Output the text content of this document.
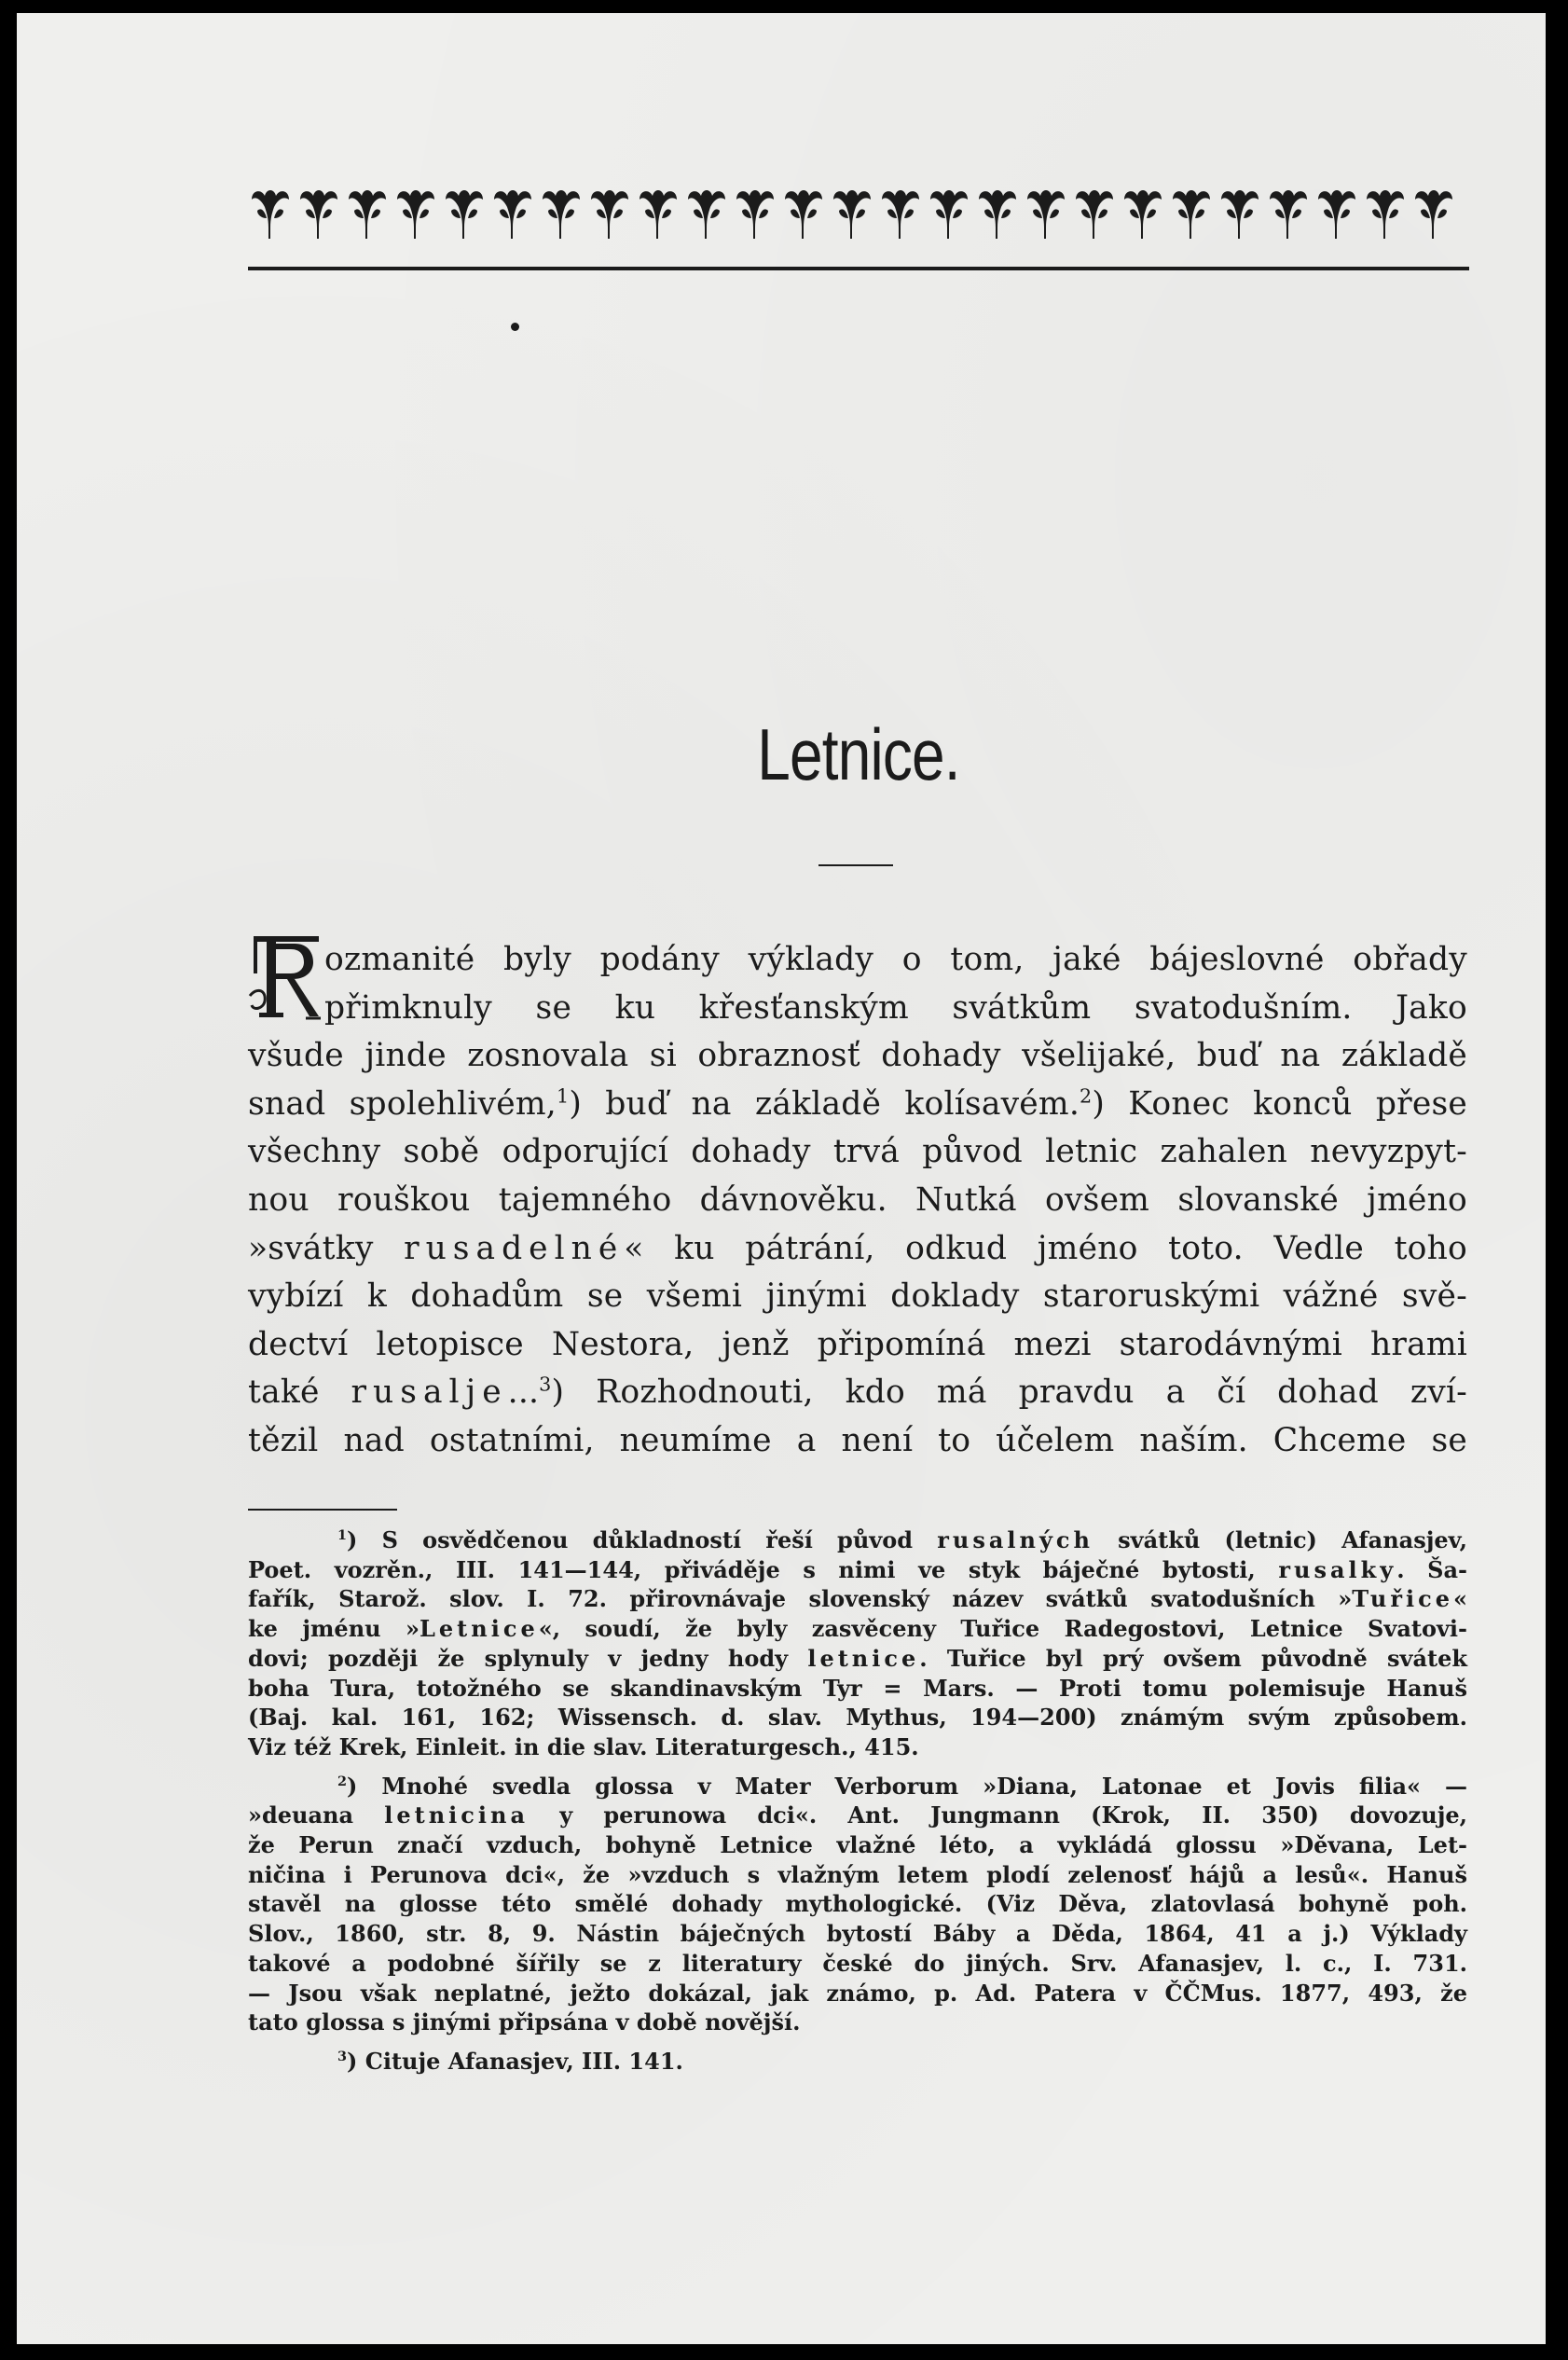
Letnice.
ozmanité byly podány výklady o tom, jaké bájeslovné obřady
přimknuly se ku křesťanským svátkům svatodušním. Jako
všude jinde zosnovala si obraznosť dohady všelijaké, buď na základě
snad spolehlivém,$^1$) buď na základě kolísavém.$^2$) Konec konců přese
všechny sobě odporující dohady trvá původ letnic zahalen nevyzpyt-
nou rouškou tajemného dávnověku. Nutká ovšem slovanské jméno
»svátky rusadelné« ku pátrání, odkud jméno toto. Vedle toho
vybízí k dohadům se všemi jinými doklady staroruskými vážné svě-
dectví letopisce Nestora, jenž připomíná mezi starodávnými hrami
také rusalje...$^3$) Rozhodnouti, kdo má pravdu a čí dohad zví-
tězil nad ostatními, neumíme a není to účelem naším. Chceme se
$^1$) S osvědčenou důkladností řeší původ rusalných svátků (letnic) Afanasjev,
Poet. vozrěn., III. 141—144, přiváděje s nimi ve styk báječné bytosti, rusalky. Ša-
fařík, Starož. slov. I. 72. přirovnávaje slovenský název svátků svatodušních »Tuřice«
ke jménu »Letnice«, soudí, že byly zasvěceny Tuřice Radegostovi, Letnice Svatovi-
dovi; později že splynuly v jedny hody letnice. Tuřice byl prý ovšem původně svátek
boha Tura, totožného se skandinavským Tyr = Mars. — Proti tomu polemisuje Hanuš
(Baj. kal. 161, 162; Wissensch. d. slav. Mythus, 194—200) známým svým způsobem.
Viz též Krek, Einleit. in die slav. Literaturgesch., 415.
$^2$) Mnohé svedla glossa v Mater Verborum »Diana, Latonae et Jovis filia« —
»deuana letnicina y perunowa dci«. Ant. Jungmann (Krok, II. 350) dovozuje,
že Perun značí vzduch, bohyně Letnice vlažné léto, a vykládá glossu »Děvana, Let-
ničina i Perunova dci«, že »vzduch s vlažným letem plodí zelenosť hájů a lesů«. Hanuš
stavěl na glosse této smělé dohady mythologické. (Viz Děva, zlatovlasá bohyně poh.
Slov., 1860, str. 8, 9. Nástin báječných bytostí Báby a Děda, 1864, 41 a j.) Výklady
takové a podobné šířily se z literatury české do jiných. Srv. Afanasjev, l. c., I. 731.
— Jsou však neplatné, ježto dokázal, jak známo, p. Ad. Patera v ČČMus. 1877, 493, že
tato glossa s jinými připsána v době novější.
$^3$) Cituje Afanasjev, III. 141.
